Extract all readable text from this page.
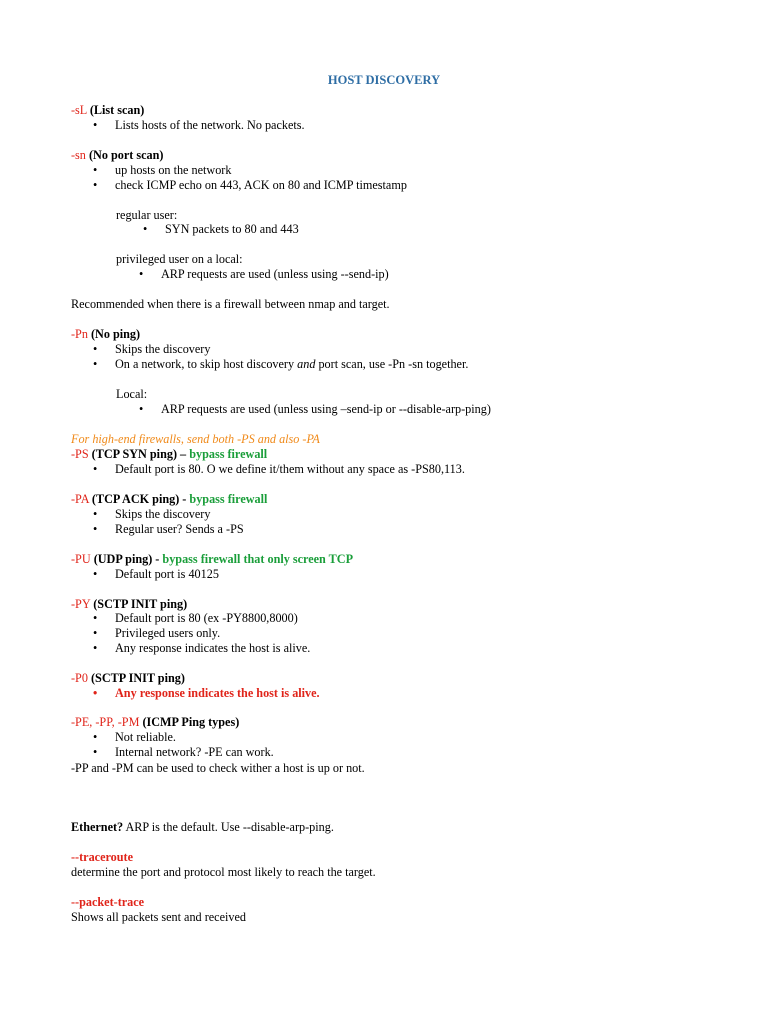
HOST DISCOVERY
-sL (List scan)
• Lists hosts of the network. No packets.
-sn (No port scan)
• up hosts on the network
• check ICMP echo on 443, ACK on 80 and ICMP timestamp
regular user:
• SYN packets to 80 and 443
privileged user on a local:
• ARP requests are used (unless using --send-ip)
Recommended when there is a firewall between nmap and target.
-Pn (No ping)
• Skips the discovery
• On a network, to skip host discovery and port scan, use -Pn -sn together.
Local:
• ARP requests are used (unless using –send-ip or --disable-arp-ping)
For high-end firewalls, send both -PS and also -PA
-PS (TCP SYN ping) – bypass firewall
• Default port is 80. O we define it/them without any space as -PS80,113.
-PA (TCP ACK ping) - bypass firewall
• Skips the discovery
• Regular user? Sends a -PS
-PU (UDP ping) - bypass firewall that only screen TCP
• Default port is 40125
-PY (SCTP INIT ping)
• Default port is 80 (ex -PY8800,8000)
• Privileged users only.
• Any response indicates the host is alive.
-P0 (SCTP INIT ping)
• Any response indicates the host is alive.
-PE, -PP, -PM (ICMP Ping types)
• Not reliable.
• Internal network? -PE can work.
-PP and -PM can be used to check wither a host is up or not.
Ethernet? ARP is the default. Use --disable-arp-ping.
--traceroute
determine the port and protocol most likely to reach the target.
--packet-trace
Shows all packets sent and received
